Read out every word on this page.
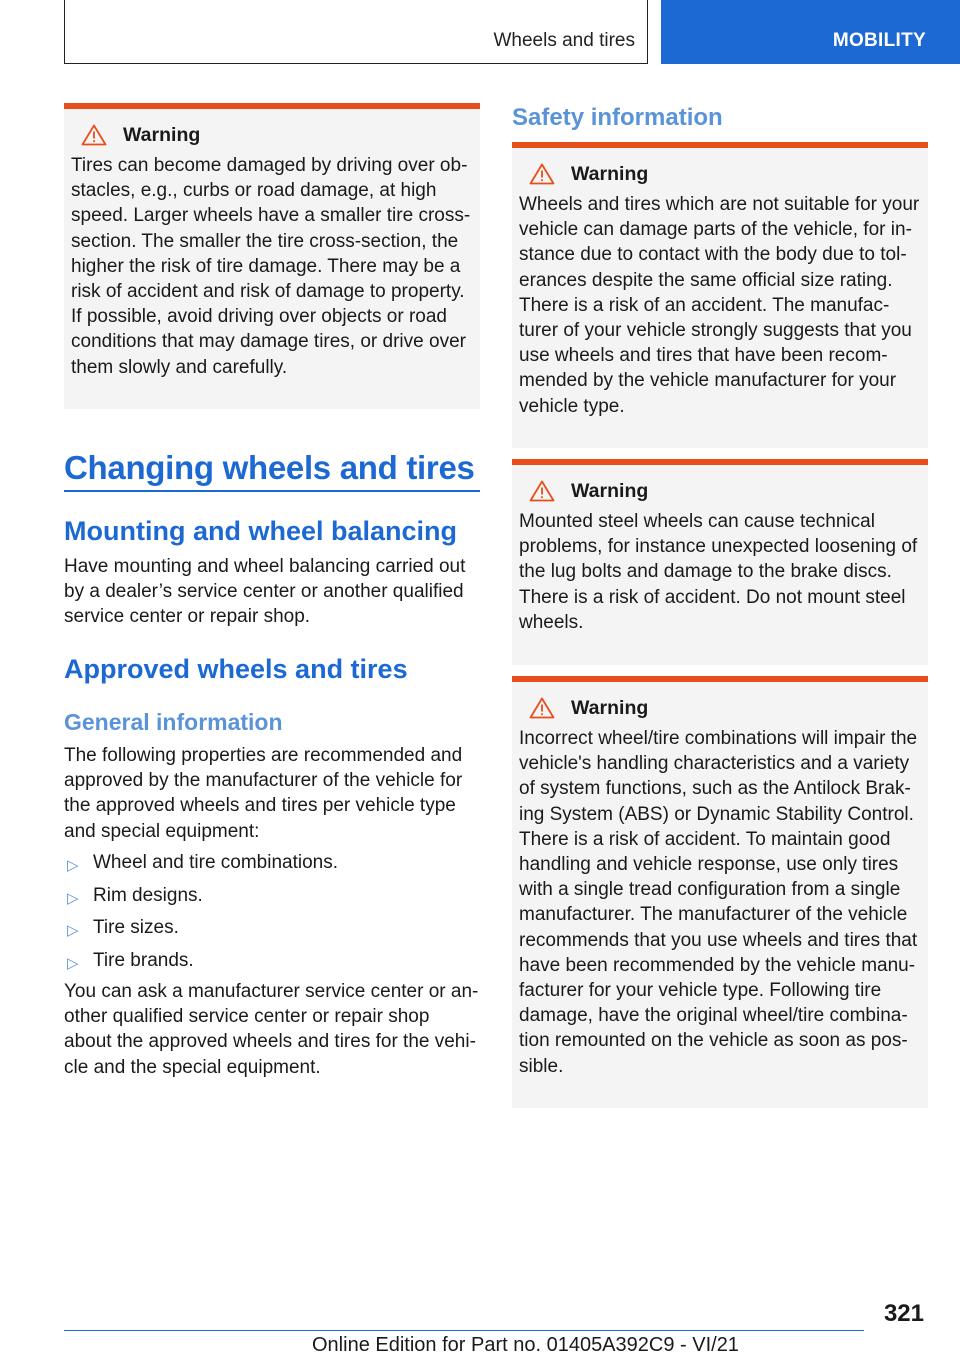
Wheels and tires	MOBILITY
Warning
Tires can become damaged by driving over obstacles, e.g., curbs or road damage, at high speed. Larger wheels have a smaller tire cross-section. The smaller the tire cross-section, the higher the risk of tire damage. There may be a risk of accident and risk of damage to property. If possible, avoid driving over objects or road conditions that may damage tires, or drive over them slowly and carefully.
Changing wheels and tires
Mounting and wheel balancing
Have mounting and wheel balancing carried out by a dealer’s service center or another qualified service center or repair shop.
Approved wheels and tires
General information
The following properties are recommended and approved by the manufacturer of the vehicle for the approved wheels and tires per vehicle type and special equipment:
▷ Wheel and tire combinations.
▷ Rim designs.
▷ Tire sizes.
▷ Tire brands.
You can ask a manufacturer service center or another qualified service center or repair shop about the approved wheels and tires for the vehicle and the special equipment.
Safety information
Warning
Wheels and tires which are not suitable for your vehicle can damage parts of the vehicle, for instance due to contact with the body due to tolerances despite the same official size rating. There is a risk of an accident. The manufacturer of your vehicle strongly suggests that you use wheels and tires that have been recommended by the vehicle manufacturer for your vehicle type.
Warning
Mounted steel wheels can cause technical problems, for instance unexpected loosening of the lug bolts and damage to the brake discs. There is a risk of accident. Do not mount steel wheels.
Warning
Incorrect wheel/tire combinations will impair the vehicle's handling characteristics and a variety of system functions, such as the Antilock Braking System (ABS) or Dynamic Stability Control. There is a risk of accident. To maintain good handling and vehicle response, use only tires with a single tread configuration from a single manufacturer. The manufacturer of the vehicle recommends that you use wheels and tires that have been recommended by the vehicle manufacturer for your vehicle type. Following tire damage, have the original wheel/tire combination remounted on the vehicle as soon as possible.
321
Online Edition for Part no. 01405A392C9 - VI/21
